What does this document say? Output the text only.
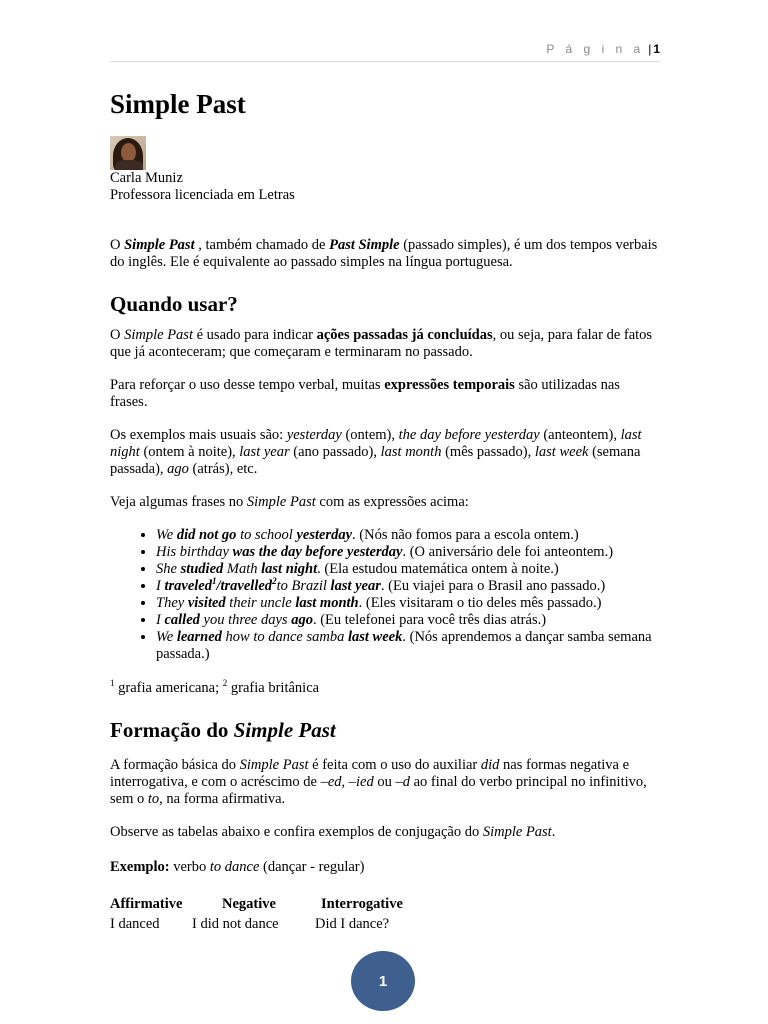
P á g i n a | 1
Simple Past

Carla Muniz

Professora licenciada em Letras

O Simple Past , também chamado de Past Simple (passado simples), é um dos tempos verbais do inglês. Ele é equivalente ao passado simples na língua portuguesa.

Quando usar?

O Simple Past é usado para indicar ações passadas já concluídas, ou seja, para falar de fatos que já aconteceram; que começaram e terminaram no passado.

Para reforçar o uso desse tempo verbal, muitas expressões temporais são utilizadas nas frases.

Os exemplos mais usuais são: yesterday (ontem), the day before yesterday (anteontem), last night (ontem à noite), last year (ano passado), last month (mês passado), last week (semana passada), ago (atrás), etc.

Veja algumas frases no Simple Past com as expressões acima:

• We did not go to school yesterday. (Nós não fomos para a escola ontem.)
• His birthday was the day before yesterday. (O aniversário dele foi anteontem.)
• She studied Math last night. (Ela estudou matemática ontem à noite.)
• I traveled$^1$/travelled$^2$to Brazil last year. (Eu viajei para o Brasil ano passado.)
• They visited their uncle last month. (Eles visitaram o tio deles mês passado.)
• I called you three days ago. (Eu telefonei para você três dias atrás.)
• We learned how to dance samba last week. (Nós aprendemos a dançar samba semana passada.)

$^1$ grafia americana; $^2$ grafia britânica

Formação do Simple Past

A formação básica do Simple Past é feita com o uso do auxiliar did nas formas negativa e interrogativa, e com o acréscimo de –ed, –ied ou –d ao final do verbo principal no infinitivo, sem o to, na forma afirmativa.

Observe as tabelas abaixo e confira exemplos de conjugação do Simple Past.

Exemplo: verbo to dance (dançar - regular)

Affirmative	Negative	Interrogative
I danced	I did not dance	Did I dance?
1
